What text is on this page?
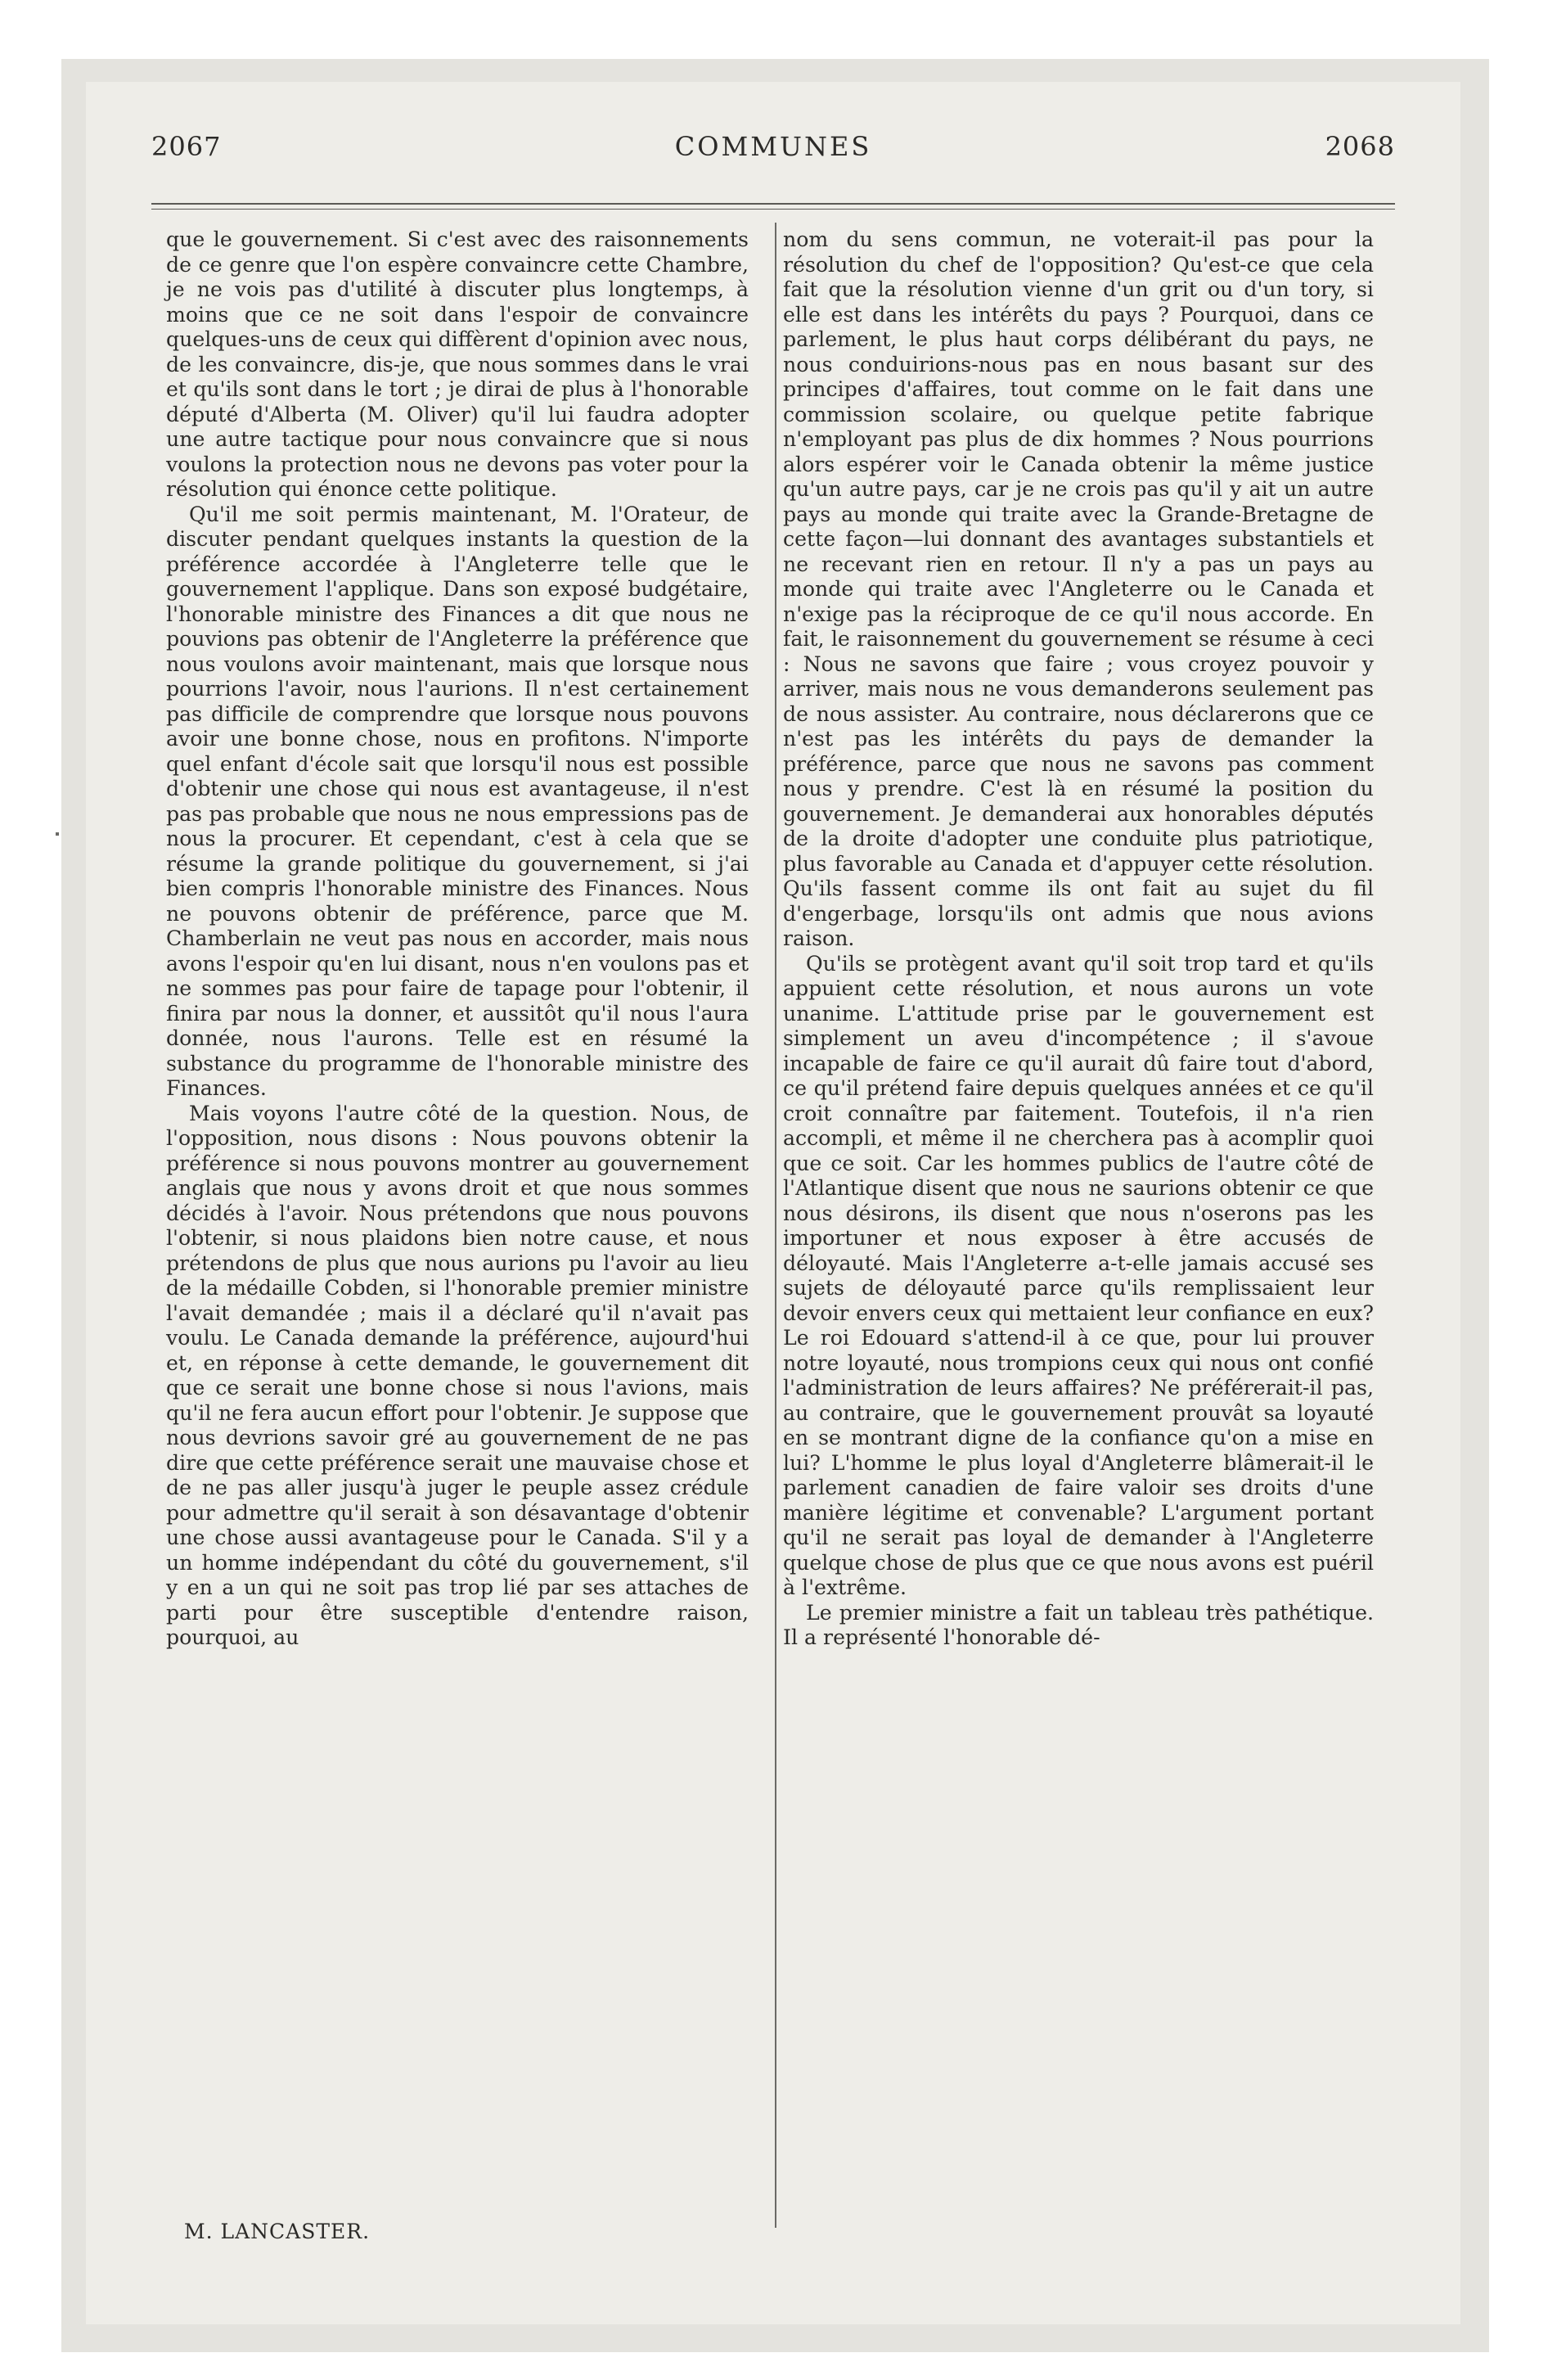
2067	COMMUNES	2068

que le gouvernement. Si c'est avec des raisonnements de ce genre que l'on espère convaincre cette Chambre, je ne vois pas d'utilité à discuter plus longtemps, à moins que ce ne soit dans l'espoir de convaincre quelques-uns de ceux qui diffèrent d'opinion avec nous, de les convaincre, dis-je, que nous sommes dans le vrai et qu'ils sont dans le tort ; je dirai de plus à l'honorable député d'Alberta (M. Oliver) qu'il lui faudra adopter une autre tactique pour nous convaincre que si nous voulons la protection nous ne devons pas voter pour la résolution qui énonce cette politique.

Qu'il me soit permis maintenant, M. l'Orateur, de discuter pendant quelques instants la question de la préférence accordée à l'Angleterre telle que le gouvernement l'applique. Dans son exposé budgétaire, l'honorable ministre des Finances a dit que nous ne pouvions pas obtenir de l'Angleterre la préférence que nous voulons avoir maintenant, mais que lorsque nous pourrions l'avoir, nous l'aurions. Il n'est certainement pas difficile de comprendre que lorsque nous pouvons avoir une bonne chose, nous en profitons. N'importe quel enfant d'école sait que lorsqu'il nous est possible d'obtenir une chose qui nous est avantageuse, il n'est pas pas probable que nous ne nous empressions pas de nous la procurer. Et cependant, c'est à cela que se résume la grande politique du gouvernement, si j'ai bien compris l'honorable ministre des Finances. Nous ne pouvons obtenir de préférence, parce que M. Chamberlain ne veut pas nous en accorder, mais nous avons l'espoir qu'en lui disant, nous n'en voulons pas et ne sommes pas pour faire de tapage pour l'obtenir, il finira par nous la donner, et aussitôt qu'il nous l'aura donnée, nous l'aurons. Telle est en résumé la substance du programme de l'honorable ministre des Finances.

Mais voyons l'autre côté de la question. Nous, de l'opposition, nous disons : Nous pouvons obtenir la préférence si nous pouvons montrer au gouvernement anglais que nous y avons droit et que nous sommes décidés à l'avoir. Nous prétendons que nous pouvons l'obtenir, si nous plaidons bien notre cause, et nous prétendons de plus que nous aurions pu l'avoir au lieu de la médaille Cobden, si l'honorable premier ministre l'avait demandée ; mais il a déclaré qu'il n'avait pas voulu. Le Canada demande la préférence, aujourd'hui et, en réponse à cette demande, le gouvernement dit que ce serait une bonne chose si nous l'avions, mais qu'il ne fera aucun effort pour l'obtenir. Je suppose que nous devrions savoir gré au gouvernement de ne pas dire que cette préférence serait une mauvaise chose et de ne pas aller jusqu'à juger le peuple assez crédule pour admettre qu'il serait à son désavantage d'obtenir une chose aussi avantageuse pour le Canada. S'il y a un homme indépendant du côté du gouvernement, s'il y en a un qui ne soit pas trop lié par ses attaches de parti pour être susceptible d'entendre raison, pourquoi, au

nom du sens commun, ne voterait-il pas pour la résolution du chef de l'opposition? Qu'est-ce que cela fait que la résolution vienne d'un grit ou d'un tory, si elle est dans les intérêts du pays ? Pourquoi, dans ce parlement, le plus haut corps délibérant du pays, ne nous conduirions-nous pas en nous basant sur des principes d'affaires, tout comme on le fait dans une commission scolaire, ou quelque petite fabrique n'employant pas plus de dix hommes ? Nous pourrions alors espérer voir le Canada obtenir la même justice qu'un autre pays, car je ne crois pas qu'il y ait un autre pays au monde qui traite avec la Grande-Bretagne de cette façon—lui donnant des avantages substantiels et ne recevant rien en retour. Il n'y a pas un pays au monde qui traite avec l'Angleterre ou le Canada et n'exige pas la réciproque de ce qu'il nous accorde. En fait, le raisonnement du gouvernement se résume à ceci : Nous ne savons que faire ; vous croyez pouvoir y arriver, mais nous ne vous demanderons seulement pas de nous assister. Au contraire, nous déclarerons que ce n'est pas les intérêts du pays de demander la préférence, parce que nous ne savons pas comment nous y prendre. C'est là en résumé la position du gouvernement. Je demanderai aux honorables députés de la droite d'adopter une conduite plus patriotique, plus favorable au Canada et d'appuyer cette résolution. Qu'ils fassent comme ils ont fait au sujet du fil d'engerbage, lorsqu'ils ont admis que nous avions raison.

Qu'ils se protègent avant qu'il soit trop tard et qu'ils appuient cette résolution, et nous aurons un vote unanime. L'attitude prise par le gouvernement est simplement un aveu d'incompétence ; il s'avoue incapable de faire ce qu'il aurait dû faire tout d'abord, ce qu'il prétend faire depuis quelques années et ce qu'il croit connaître par faitement. Toutefois, il n'a rien accompli, et même il ne cherchera pas à acomplir quoi que ce soit. Car les hommes publics de l'autre côté de l'Atlantique disent que nous ne saurions obtenir ce que nous désirons, ils disent que nous n'oserons pas les importuner et nous exposer à être accusés de déloyauté. Mais l'Angleterre a-t-elle jamais accusé ses sujets de déloyauté parce qu'ils remplissaient leur devoir envers ceux qui mettaient leur confiance en eux? Le roi Edouard s'attend-il à ce que, pour lui prouver notre loyauté, nous trompions ceux qui nous ont confié l'administration de leurs affaires? Ne préférerait-il pas, au contraire, que le gouvernement prouvât sa loyauté en se montrant digne de la confiance qu'on a mise en lui? L'homme le plus loyal d'Angleterre blâmerait-il le parlement canadien de faire valoir ses droits d'une manière légitime et convenable? L'argument portant qu'il ne serait pas loyal de demander à l'Angleterre quelque chose de plus que ce que nous avons est puéril à l'extrême.

Le premier ministre a fait un tableau très pathétique. Il a représenté l'honorable dé-

M. LANCASTER.
